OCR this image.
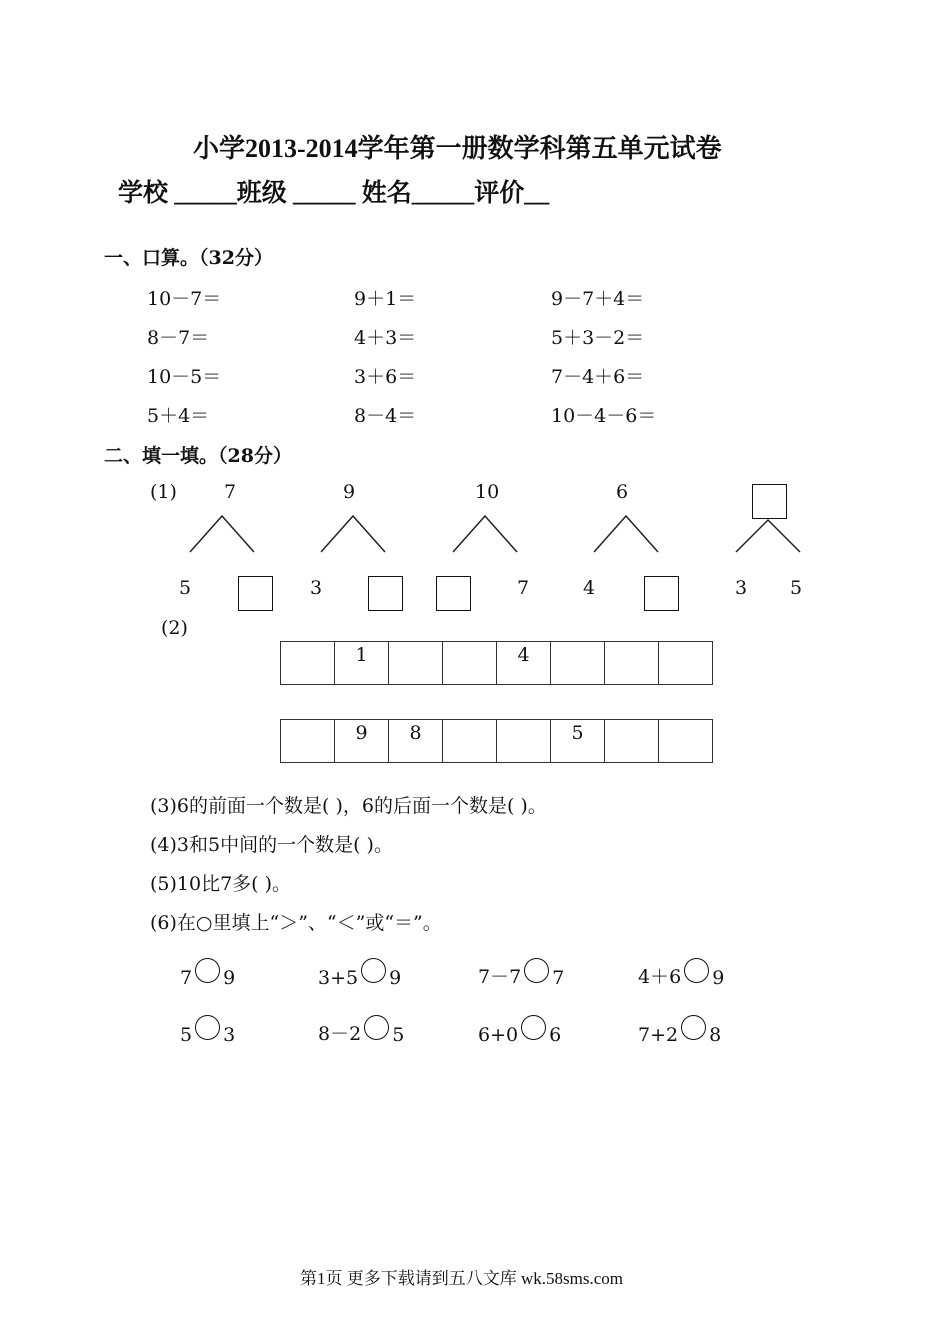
小学2013-2014学年第一册数学科第五单元试卷
学校 _____班级 _____ 姓名_____评价__
一、口算。（32分）
10－7＝	9＋1＝	9－7＋4＝
8－7＝	4＋3＝	5＋3－2＝
10－5＝	3＋6＝	7－4＋6＝
5＋4＝	8－4＝	10－4－6＝
二、填一填。（28分）
(1) 7	9	10	6
5	3	7	4	3 5
(2)

1			4

9	8			5

(3)6的前面一个数是( )，6的后面一个数是( )。
(4)3和5中间的一个数是( )。
(5)10比7多( )。
(6)在○里填上“＞”、“＜”或“＝”。
7 9	3+5 9	7－7 7	4＋6 9
5 3	8－2 5	6+0 6	7+2 8
第1页 更多下载请到五八文库 wk.58sms.com
